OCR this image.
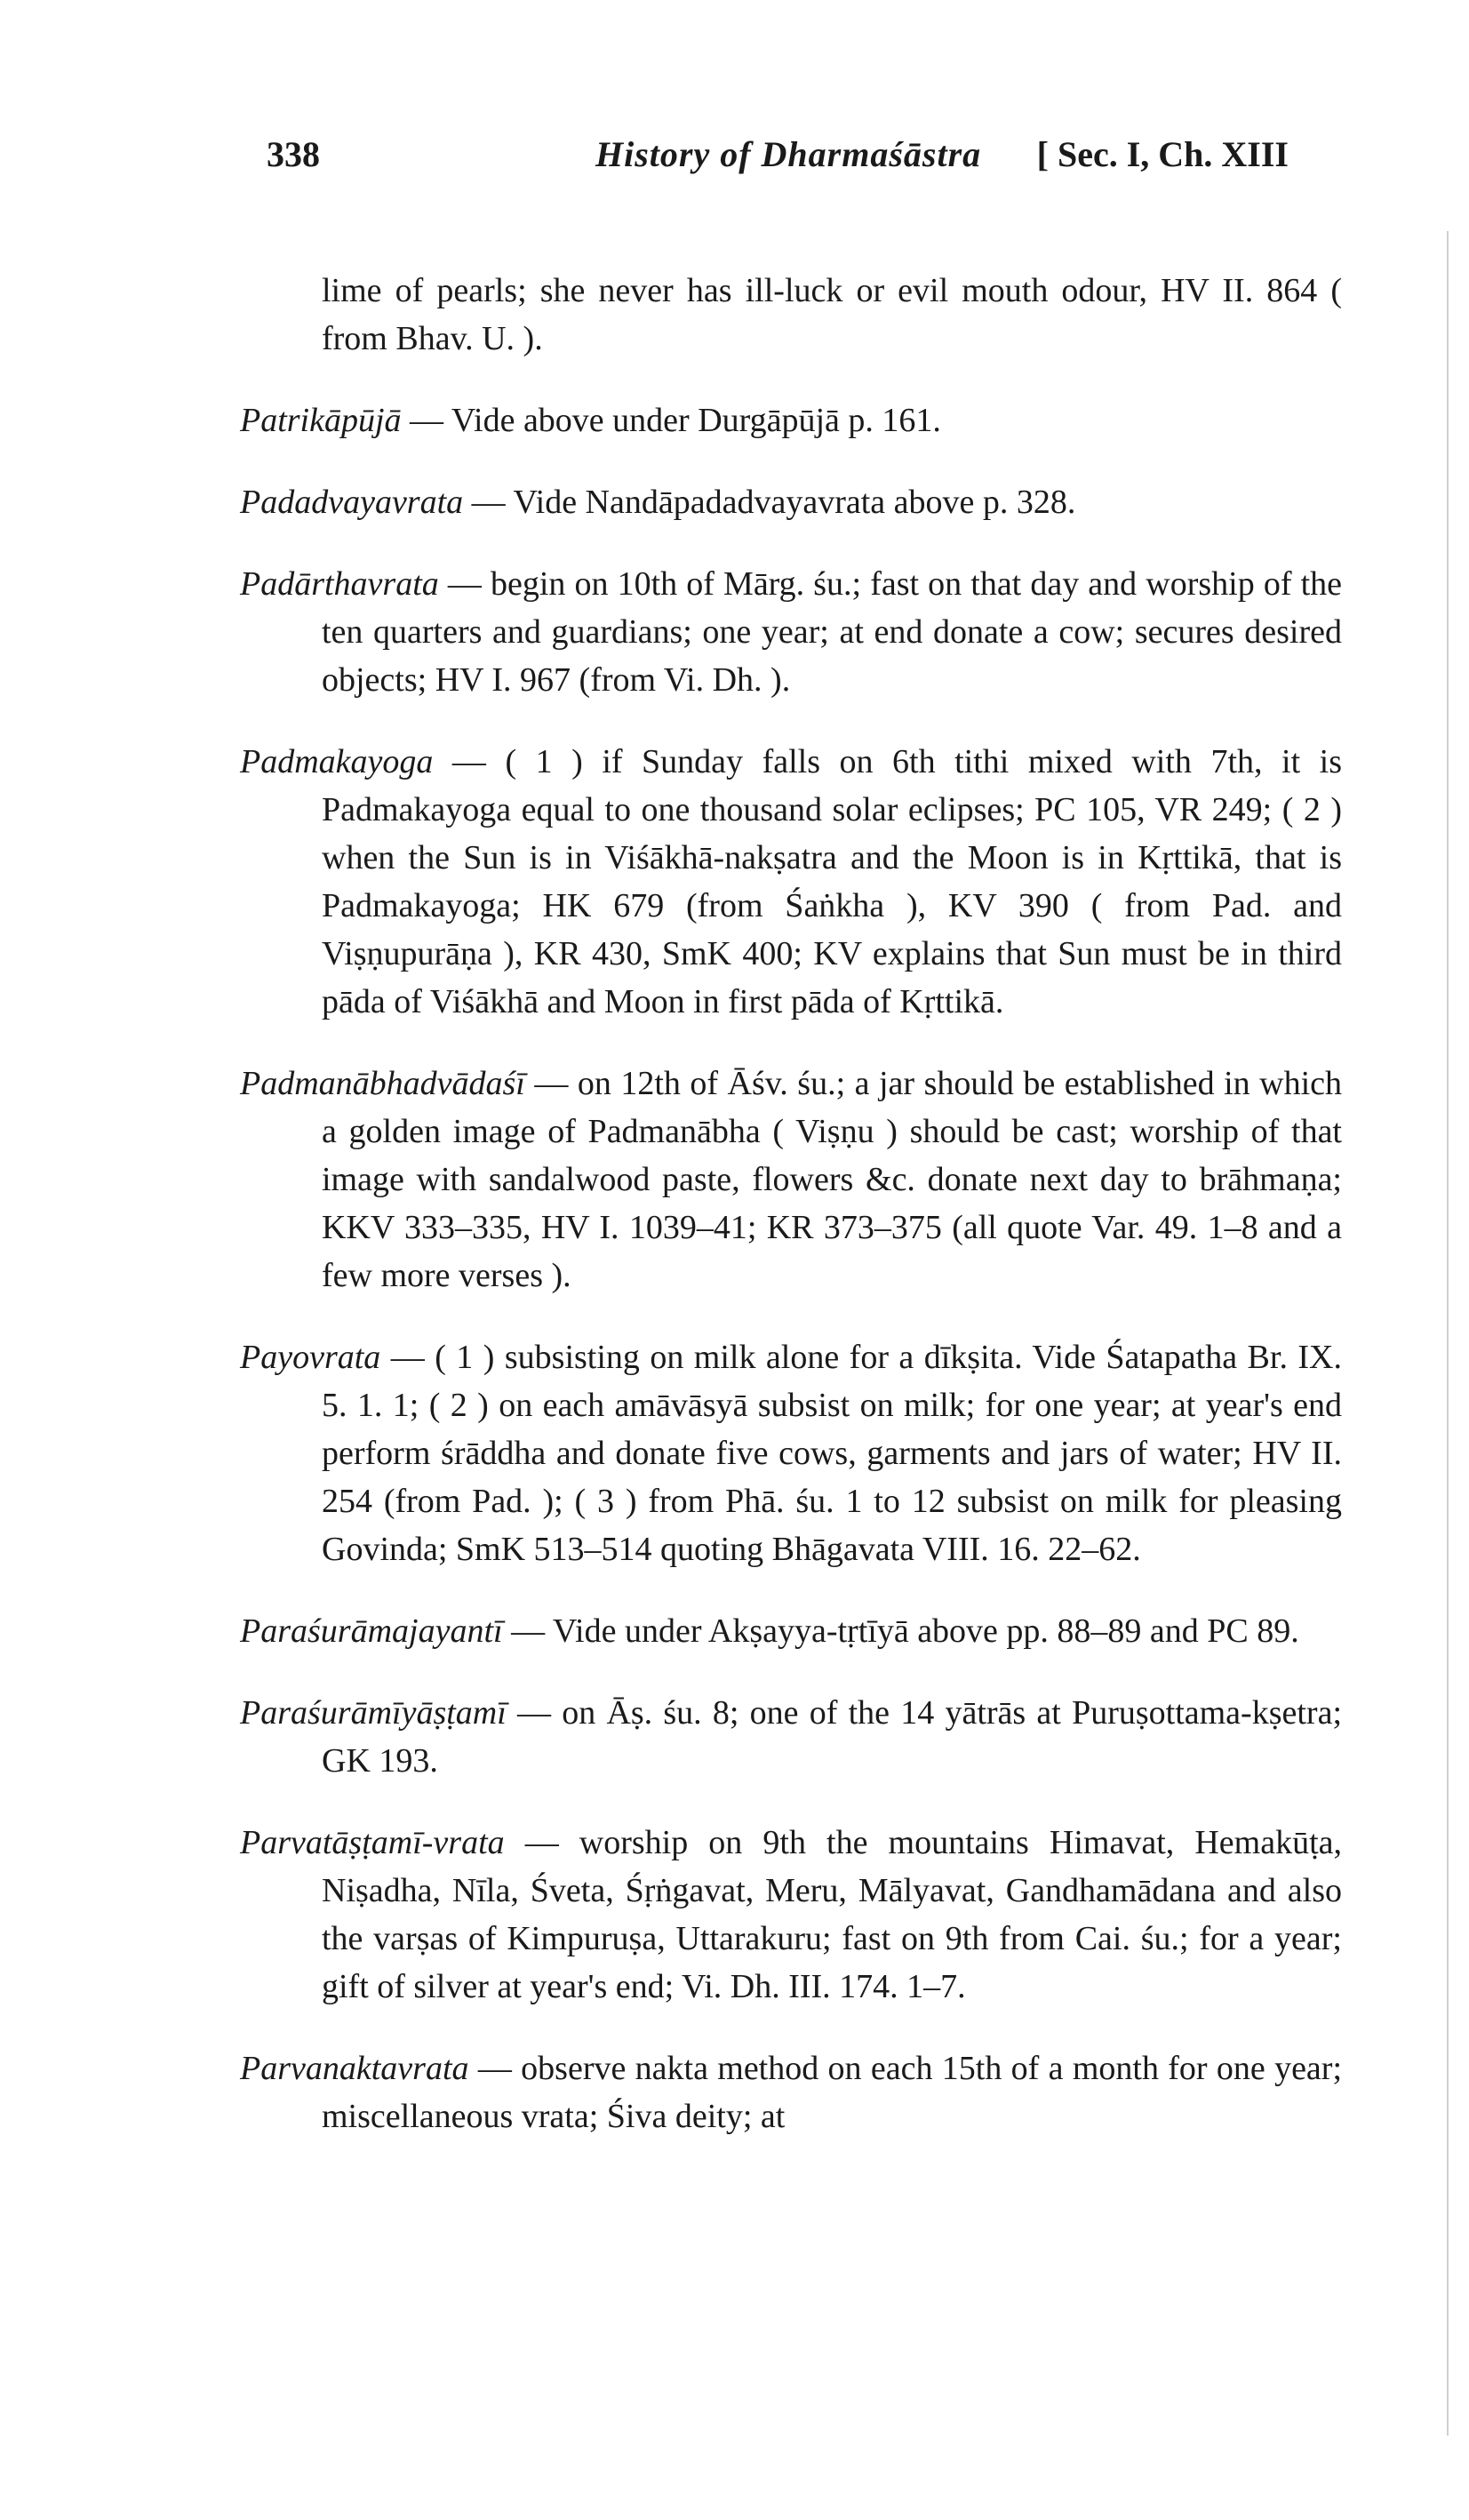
338	History of Dharmaśāstra [ Sec. I, Ch. XIII

lime of pearls; she never has ill-luck or evil mouth odour, HV II. 864 ( from Bhav. U. ).

Patrikāpūjā — Vide above under Durgāpūjā p. 161.

Padadvayavrata — Vide Nandāpadadvayavrata above p. 328.

Padārthavrata — begin on 10th of Mārg. śu.; fast on that day and worship of the ten quarters and guardians; one year; at end donate a cow; secures desired objects; HV I. 967 (from Vi. Dh. ).

Padmakayoga — ( 1 ) if Sunday falls on 6th tithi mixed with 7th, it is Padmakayoga equal to one thousand solar eclipses; PC 105, VR 249; ( 2 ) when the Sun is in Viśākhā-nakṣatra and the Moon is in Kṛttikā, that is Padmakayoga; HK 679 (from Śaṅkha ), KV 390 ( from Pad. and Viṣṇupurāṇa ), KR 430, SmK 400; KV explains that Sun must be in third pāda of Viśākhā and Moon in first pāda of Kṛttikā.

Padmanābhadvādaśī — on 12th of Āśv. śu.; a jar should be established in which a golden image of Padmanābha ( Viṣṇu ) should be cast; worship of that image with sandalwood paste, flowers &c. donate next day to brāhmaṇa; KKV 333–335, HV I. 1039–41; KR 373–375 (all quote Var. 49. 1–8 and a few more verses ).

Payovrata — ( 1 ) subsisting on milk alone for a dīkṣita. Vide Śatapatha Br. IX. 5. 1. 1; ( 2 ) on each amāvāsyā subsist on milk; for one year; at year's end perform śrāddha and donate five cows, garments and jars of water; HV II. 254 (from Pad. ); ( 3 ) from Phā. śu. 1 to 12 subsist on milk for pleasing Govinda; SmK 513–514 quoting Bhāgavata VIII. 16. 22–62.

Paraśurāmajayantī — Vide under Akṣayya-tṛtīyā above pp. 88–89 and PC 89.

Paraśurāmīyāṣṭamī — on Āṣ. śu. 8; one of the 14 yātrās at Puruṣottama-kṣetra; GK 193.

Parvatāṣṭamī-vrata — worship on 9th the mountains Himavat, Hemakūṭa, Niṣadha, Nīla, Śveta, Śṛṅgavat, Meru, Mālyavat, Gandhamādana and also the varṣas of Kimpuruṣa, Uttarakuru; fast on 9th from Cai. śu.; for a year; gift of silver at year's end; Vi. Dh. III. 174. 1–7.

Parvanaktavrata — observe nakta method on each 15th of a month for one year; miscellaneous vrata; Śiva deity; at
